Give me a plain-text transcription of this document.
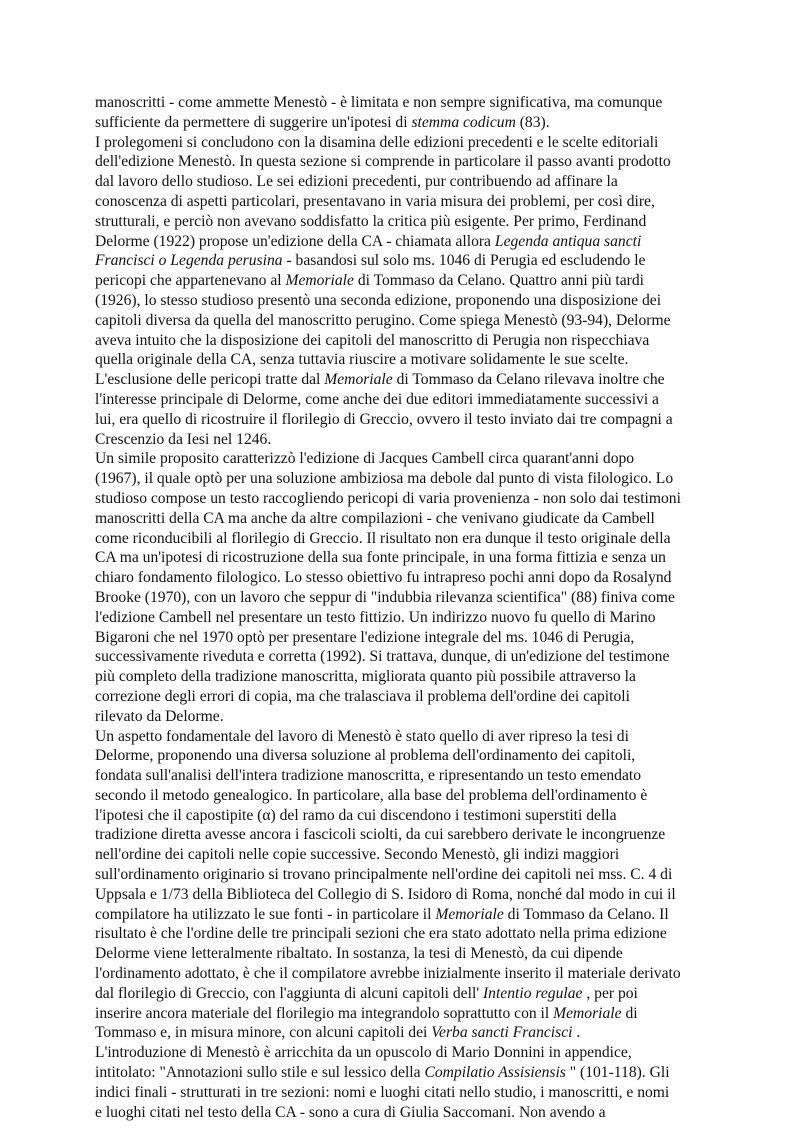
manoscritti - come ammette Menestò - è limitata e non sempre significativa, ma comunque
sufficiente da permettere di suggerire un'ipotesi di stemma codicum (83).
I prolegomeni si concludono con la disamina delle edizioni precedenti e le scelte editoriali
dell'edizione Menestò. In questa sezione si comprende in particolare il passo avanti prodotto
dal lavoro dello studioso. Le sei edizioni precedenti, pur contribuendo ad affinare la
conoscenza di aspetti particolari, presentavano in varia misura dei problemi, per così dire,
strutturali, e perciò non avevano soddisfatto la critica più esigente. Per primo, Ferdinand
Delorme (1922) propose un'edizione della CA - chiamata allora Legenda antiqua sancti
Francisci o Legenda perusina - basandosi sul solo ms. 1046 di Perugia ed escludendo le
pericopi che appartenevano al Memoriale di Tommaso da Celano. Quattro anni più tardi
(1926), lo stesso studioso presentò una seconda edizione, proponendo una disposizione dei
capitoli diversa da quella del manoscritto perugino. Come spiega Menestò (93-94), Delorme
aveva intuito che la disposizione dei capitoli del manoscritto di Perugia non rispecchiava
quella originale della CA, senza tuttavia riuscire a motivare solidamente le sue scelte.
L'esclusione delle pericopi tratte dal Memoriale di Tommaso da Celano rilevava inoltre che
l'interesse principale di Delorme, come anche dei due editori immediatamente successivi a
lui, era quello di ricostruire il florilegio di Greccio, ovvero il testo inviato dai tre compagni a
Crescenzio da Iesi nel 1246.
Un simile proposito caratterizzò l'edizione di Jacques Cambell circa quarant'anni dopo
(1967), il quale optò per una soluzione ambiziosa ma debole dal punto di vista filologico. Lo
studioso compose un testo raccogliendo pericopi di varia provenienza - non solo dai testimoni
manoscritti della CA ma anche da altre compilazioni - che venivano giudicate da Cambell
come riconducibili al florilegio di Greccio. Il risultato non era dunque il testo originale della
CA ma un'ipotesi di ricostruzione della sua fonte principale, in una forma fittizia e senza un
chiaro fondamento filologico. Lo stesso obiettivo fu intrapreso pochi anni dopo da Rosalynd
Brooke (1970), con un lavoro che seppur di "indubbia rilevanza scientifica" (88) finiva come
l'edizione Cambell nel presentare un testo fittizio. Un indirizzo nuovo fu quello di Marino
Bigaroni che nel 1970 optò per presentare l'edizione integrale del ms. 1046 di Perugia,
successivamente riveduta e corretta (1992). Si trattava, dunque, di un'edizione del testimone
più completo della tradizione manoscritta, migliorata quanto più possibile attraverso la
correzione degli errori di copia, ma che tralasciava il problema dell'ordine dei capitoli
rilevato da Delorme.
Un aspetto fondamentale del lavoro di Menestò è stato quello di aver ripreso la tesi di
Delorme, proponendo una diversa soluzione al problema dell'ordinamento dei capitoli,
fondata sull'analisi dell'intera tradizione manoscritta, e ripresentando un testo emendato
secondo il metodo genealogico. In particolare, alla base del problema dell'ordinamento è
l'ipotesi che il capostipite (α) del ramo da cui discendono i testimoni superstiti della
tradizione diretta avesse ancora i fascicoli sciolti, da cui sarebbero derivate le incongruenze
nell'ordine dei capitoli nelle copie successive. Secondo Menestò, gli indizi maggiori
sull'ordinamento originario si trovano principalmente nell'ordine dei capitoli nei mss. C. 4 di
Uppsala e 1/73 della Biblioteca del Collegio di S. Isidoro di Roma, nonché dal modo in cui il
compilatore ha utilizzato le sue fonti - in particolare il Memoriale di Tommaso da Celano. Il
risultato è che l'ordine delle tre principali sezioni che era stato adottato nella prima edizione
Delorme viene letteralmente ribaltato. In sostanza, la tesi di Menestò, da cui dipende
l'ordinamento adottato, è che il compilatore avrebbe inizialmente inserito il materiale derivato
dal florilegio di Greccio, con l'aggiunta di alcuni capitoli dell' Intentio regulae , per poi
inserire ancora materiale del florilegio ma integrandolo soprattutto con il Memoriale di
Tommaso e, in misura minore, con alcuni capitoli dei Verba sancti Francisci .
L'introduzione di Menestò è arricchita da un opuscolo di Mario Donnini in appendice,
intitolato: "Annotazioni sullo stile e sul lessico della Compilatio Assisiensis " (101-118). Gli
indici finali - strutturati in tre sezioni: nomi e luoghi citati nello studio, i manoscritti, e nomi
e luoghi citati nel testo della CA - sono a cura di Giulia Saccomani. Non avendo a
